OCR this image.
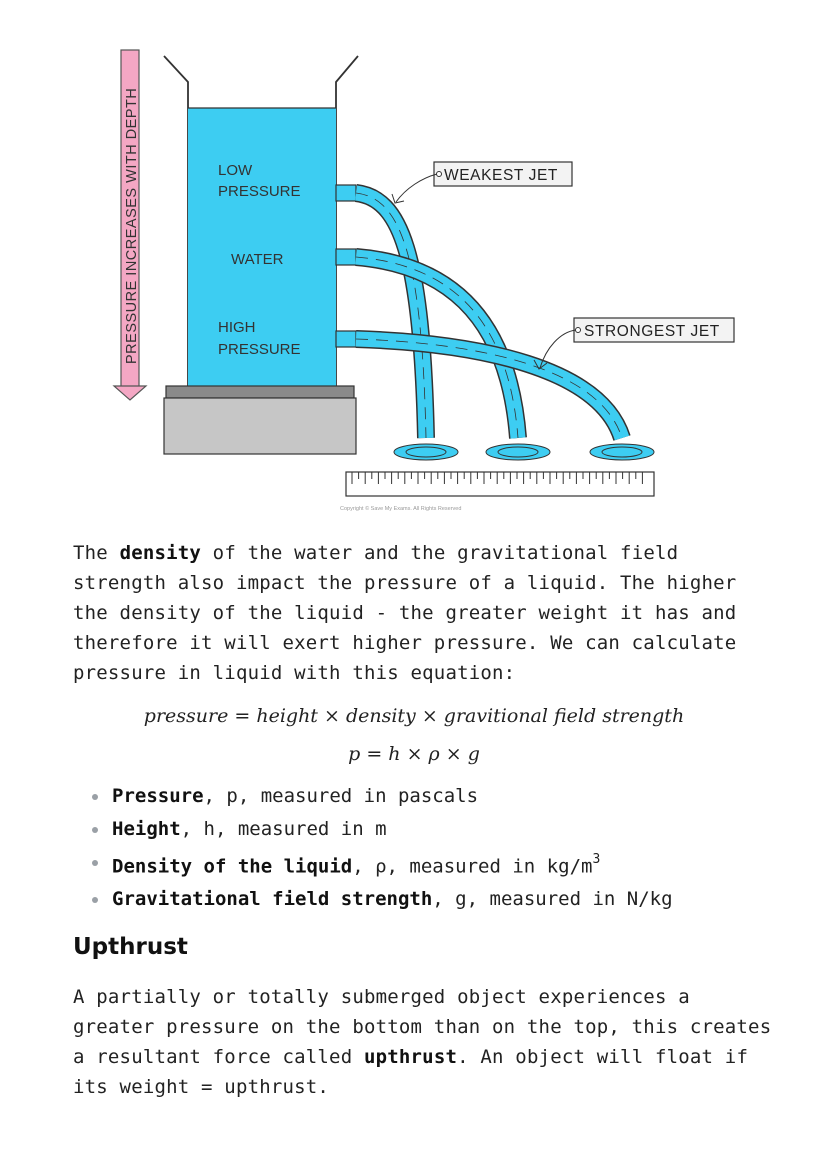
PRESSURE INCREASES WITH DEPTH	LOW
PRESSURE
WATER
HIGH
PRESSURE
WEAKEST JET
STRONGEST JET
Copyright © Save My Exams. All Rights Reserved

The density of the water and the gravitational field strength also impact the pressure of a liquid. The higher the density of the liquid - the greater weight it has and therefore it will exert higher pressure. We can calculate pressure in liquid with this equation:

pressure = height × density × gravitional field strength
p = h × ρ × g
Pressure, p, measured in pascals
Height, h, measured in m
Density of the liquid, ρ, measured in $kg/m^3$
Gravitational field strength, g, measured in N/kg
Upthrust

A partially or totally submerged object experiences a greater pressure on the bottom than on the top, this creates a resultant force called upthrust. An object will float if its weight = upthrust.
